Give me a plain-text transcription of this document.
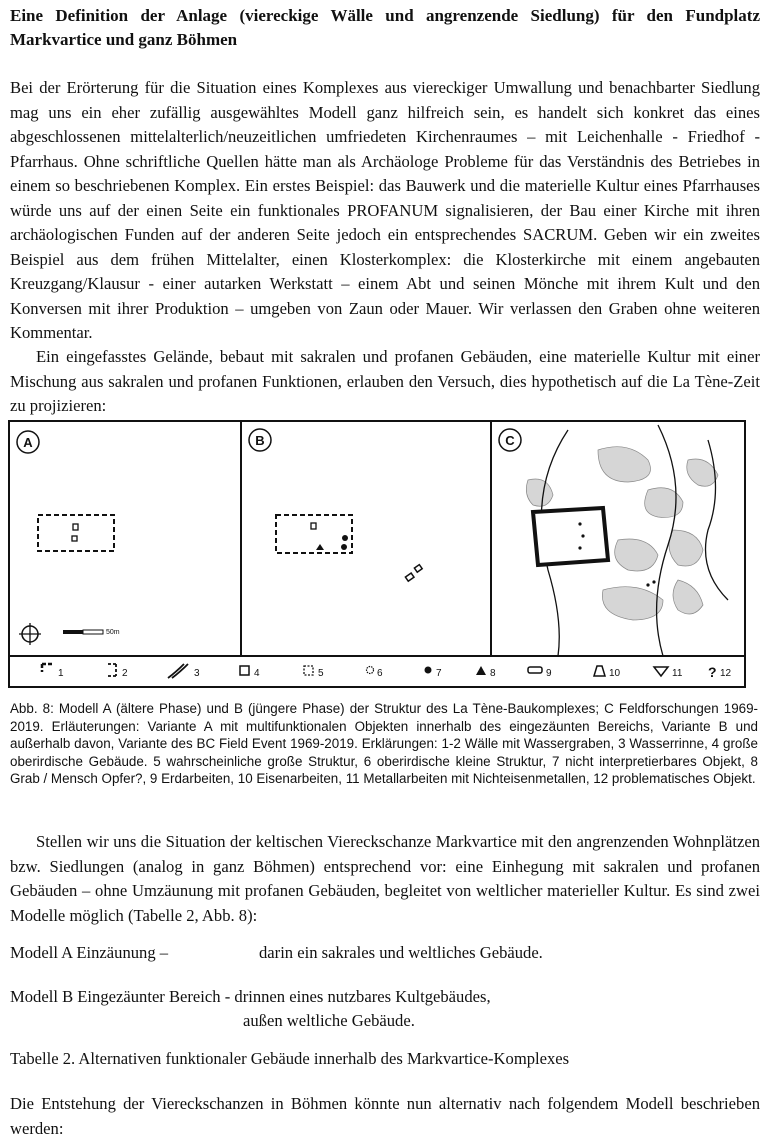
Eine Definition der Anlage (viereckige Wälle und angrenzende Siedlung) für den Fundplatz Markvartice und ganz Böhmen

Bei der Erörterung für die Situation eines Komplexes aus viereckiger Umwallung und benachbarter Siedlung mag uns ein eher zufällig ausgewähltes Modell ganz hilfreich sein, es handelt sich konkret das eines abgeschlossenen mittelalterlich/neuzeitlichen umfriedeten Kirchenraumes – mit Leichenhalle - Friedhof - Pfarrhaus. Ohne schriftliche Quellen hätte man als Archäologe Probleme für das Verständnis des Betriebes in einem so beschriebenen Komplex. Ein erstes Beispiel: das Bauwerk und die materielle Kultur eines Pfarrhauses würde uns auf der einen Seite ein funktionales PROFANUM signalisieren, der Bau einer Kirche mit ihren archäologischen Funden auf der anderen Seite jedoch ein entsprechendes SACRUM. Geben wir ein zweites Beispiel aus dem frühen Mittelalter, einen Klosterkomplex: die Klosterkirche mit einem angebauten Kreuzgang/Klausur - einer autarken Werkstatt – einem Abt und seinen Mönche mit ihrem Kult und den Konversen mit ihrer Produktion – umgeben von Zaun oder Mauer. Wir verlassen den Graben ohne weiteren Kommentar.

Ein eingefasstes Gelände, bebaut mit sakralen und profanen Gebäuden, eine materielle Kultur mit einer Mischung aus sakralen und profanen Funktionen, erlauben den Versuch, dies hypothetisch auf die La Tène-Zeit zu projizieren:

A
50m
B	C
1	2	3	4	5	6	7	8	9	10	11 ? 12

Abb. 8: Modell A (ältere Phase) und B (jüngere Phase) der Struktur des La Tène-Baukomplexes; C Feldforschungen 1969- 2019. Erläuterungen: Variante A mit multifunktionalen Objekten innerhalb des eingezäunten Bereichs, Variante B und außerhalb davon, Variante des BC Field Event 1969-2019. Erklärungen: 1-2 Wälle mit Wassergraben, 3 Wasserrinne, 4 große oberirdische Gebäude. 5 wahrscheinliche große Struktur, 6 oberirdische kleine Struktur, 7 nicht interpretierbares Objekt, 8 Grab / Mensch Opfer?, 9 Erdarbeiten, 10 Eisenarbeiten, 11 Metallarbeiten mit Nichteisenmetallen, 12 problematisches Objekt.

Stellen wir uns die Situation der keltischen Viereckschanze Markvartice mit den angrenzenden Wohnplätzen bzw. Siedlungen (analog in ganz Böhmen) entsprechend vor: eine Einhegung mit sakralen und profanen Gebäuden – ohne Umzäunung mit profanen Gebäuden, begleitet von weltlicher materieller Kultur. Es sind zwei Modelle möglich (Tabelle 2, Abb. 8):

Modell A Einzäunung –	darin ein sakrales und weltliches Gebäude.

Modell B Eingezäunter Bereich - drinnen eines nutzbares Kultgebäudes,

außen weltliche Gebäude.

Tabelle 2. Alternativen funktionaler Gebäude innerhalb des Markvartice-Komplexes

Die Entstehung der Viereckschanzen in Böhmen könnte nun alternativ nach folgendem Modell beschrieben werden:
